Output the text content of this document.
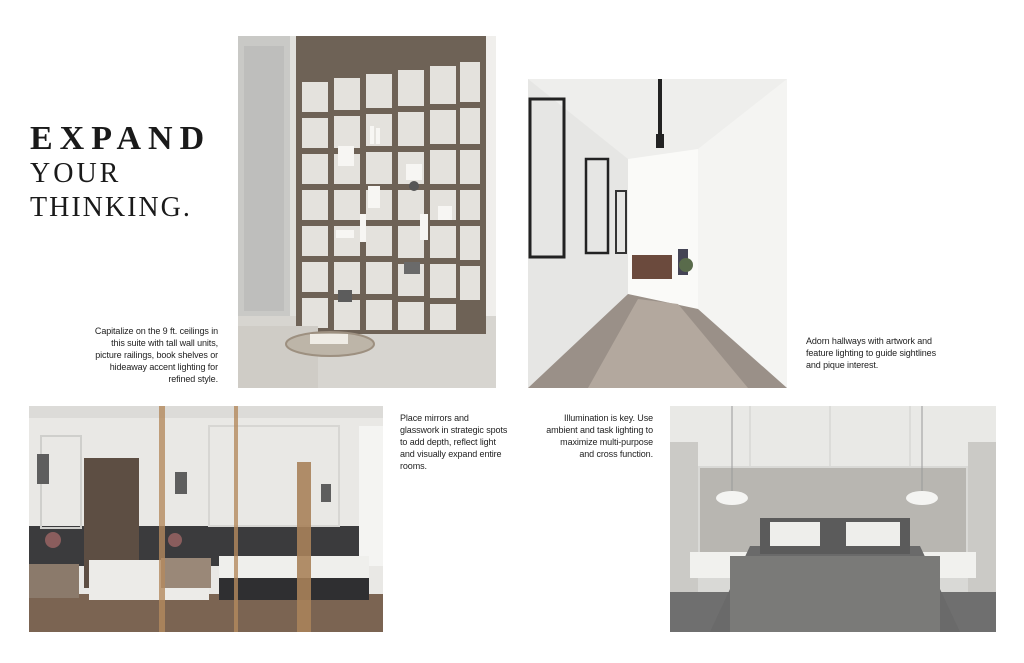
EXPAND
YOUR
THINKING.
Capitalize on the 9 ft. ceilings in this suite with tall wall units, picture railings, book shelves or hideaway accent lighting for refined style.
Adorn hallways with artwork and feature lighting to guide sightlines and pique interest.
Place mirrors and glasswork in strategic spots to add depth, reflect light and visually expand entire rooms.
Illumination is key. Use ambient and task lighting to maximize multi-purpose and cross function.
